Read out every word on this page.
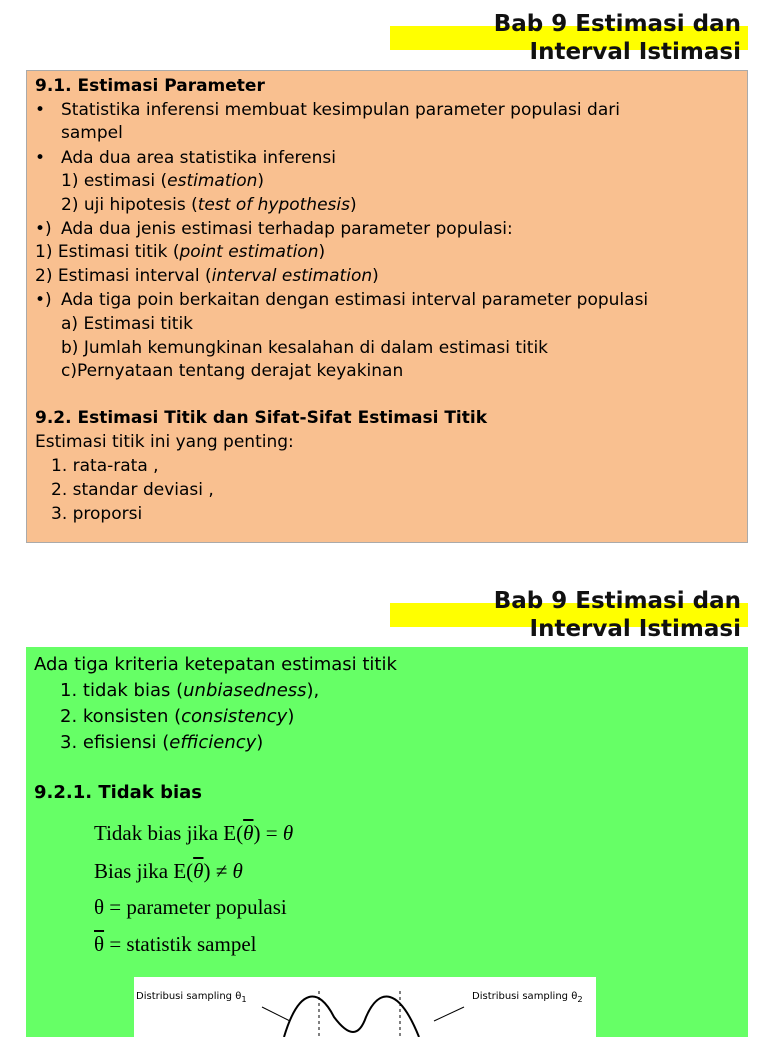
Bab 9 Estimasi dan
Interval Istimasi
9.1. Estimasi Parameter
• Statistika inferensi membuat kesimpulan parameter populasi dari
sampel
• Ada dua area statistika inferensi
1) estimasi (estimation)
2) uji hipotesis (test of hypothesis)
•) Ada dua jenis estimasi terhadap parameter populasi:
1) Estimasi titik (point estimation)
2) Estimasi interval (interval estimation)
•) Ada tiga poin berkaitan dengan estimasi interval parameter populasi
a) Estimasi titik
b) Jumlah kemungkinan kesalahan di dalam estimasi titik
c)Pernyataan tentang derajat keyakinan
9.2. Estimasi Titik dan Sifat-Sifat Estimasi Titik
Estimasi titik ini yang penting:
1. rata-rata ,
2. standar deviasi ,
3. proporsi
Bab 9 Estimasi dan
Interval Istimasi
Ada tiga kriteria ketepatan estimasi titik
1. tidak bias (unbiasedness),
2. konsisten (consistency)
3. efisiensi (efficiency)
9.2.1. Tidak bias
Tidak bias jika $E(\overline{\theta}) = \theta$
Bias jika $E(\overline{\theta}) \ne \theta$
θ = parameter populasi
$\overline{\theta}$ = statistik sampel
Distribusi sampling $\theta_1$	Distribusi sampling $\theta_2$
